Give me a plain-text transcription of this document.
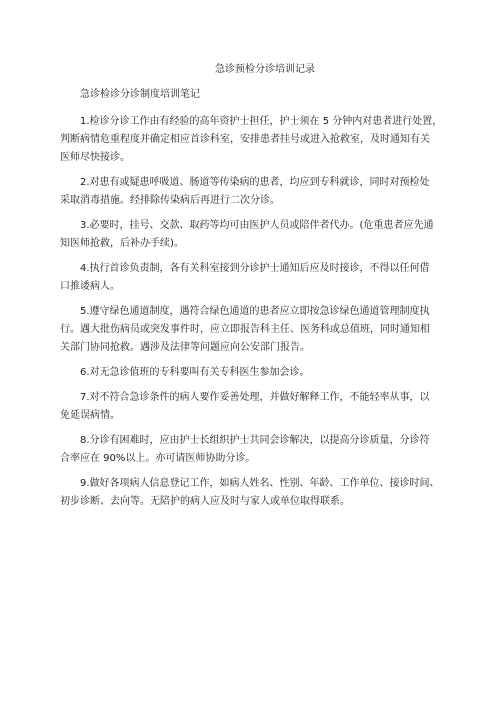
急诊预检分诊培训记录
急诊检诊分诊制度培训笔记
1.检诊分诊工作由有经验的高年资护士担任，护士须在 5 分钟内对患者进行处置，
判断病情危重程度并确定相应首诊科室，安排患者挂号或进入抢救室，及时通知有关
医师尽快接诊。
2.对患有或疑患呼吸道、肠道等传染病的患者，均应到专科就诊，同时对预检处
采取消毒措施。经排除传染病后再进行二次分诊。
3.必要时，挂号、交款、取药等均可由医护人员或陪伴者代办。(危重患者应先通
知医师抢救，后补办手续)。
4.执行首诊负责制，各有关科室接到分诊护士通知后应及时接诊，不得以任何借
口推诿病人。
5.遵守绿色通道制度，遇符合绿色通道的患者应立即按急诊绿色通道管理制度执
行。遇大批伤病员或突发事件时，应立即报告科主任、医务科或总值班，同时通知相
关部门协同抢救。遇涉及法律等问题应向公安部门报告。
6.对无急诊值班的专科要叫有关专科医生参加会诊。
7.对不符合急诊条件的病人要作妥善处理，并做好解释工作，不能轻率从事，以
免延误病情。
8.分诊有困难时，应由护士长组织护士共同会诊解决，以提高分诊质量，分诊符
合率应在 90%以上。亦可请医师协助分诊。
9.做好各项病人信息登记工作，如病人姓名、性别、年龄、工作单位、接诊时间、
初步诊断、去向等。无陪护的病人应及时与家人或单位取得联系。
